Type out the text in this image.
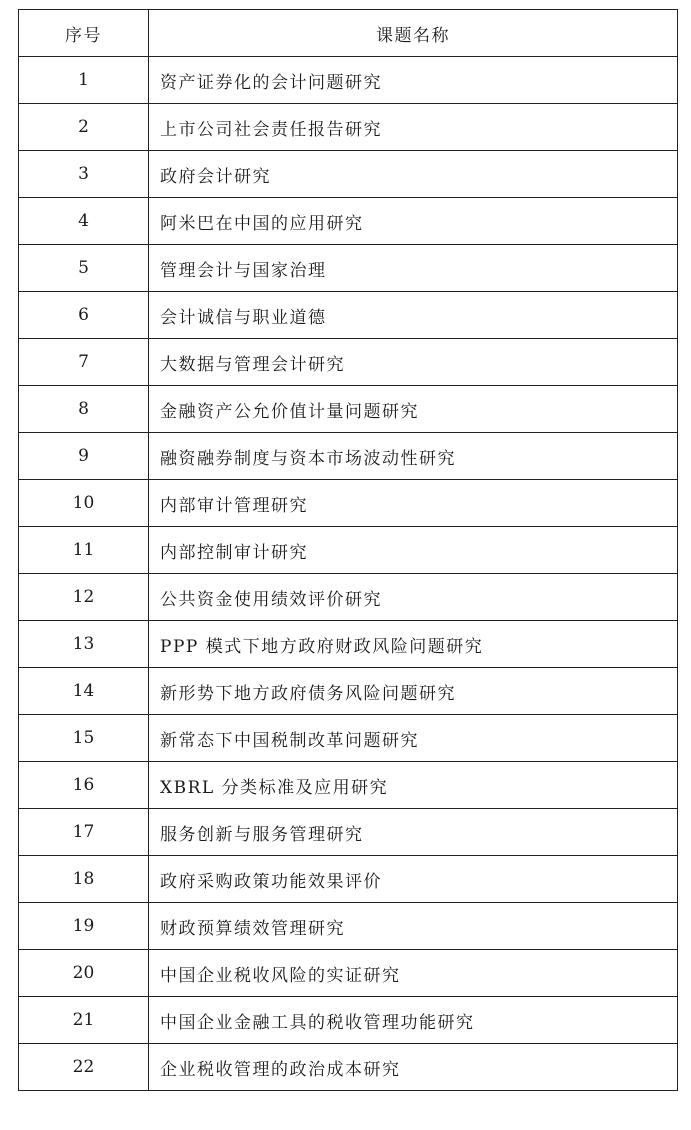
序号	课题名称
1	资产证券化的会计问题研究
2	上市公司社会责任报告研究
3	政府会计研究
4	阿米巴在中国的应用研究
5	管理会计与国家治理
6	会计诚信与职业道德
7	大数据与管理会计研究
8	金融资产公允价值计量问题研究
9	融资融券制度与资本市场波动性研究
10	内部审计管理研究
11	内部控制审计研究
12	公共资金使用绩效评价研究
13	PPP 模式下地方政府财政风险问题研究
14	新形势下地方政府债务风险问题研究
15	新常态下中国税制改革问题研究
16	XBRL 分类标准及应用研究
17	服务创新与服务管理研究
18	政府采购政策功能效果评价
19	财政预算绩效管理研究
20	中国企业税收风险的实证研究
21	中国企业金融工具的税收管理功能研究
22	企业税收管理的政治成本研究
